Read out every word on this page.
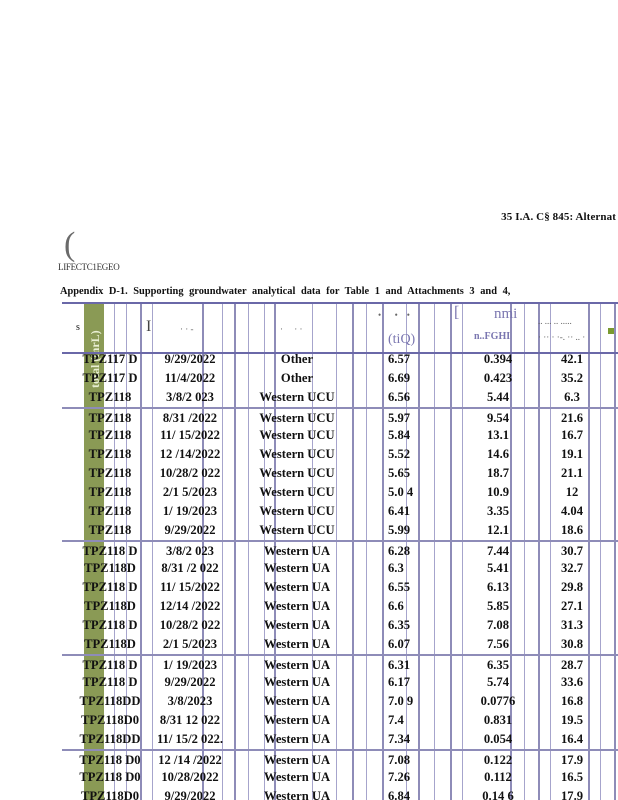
35 I.A. C§ 845: Alternat
(
LIFECTC1EGEO
Appendix D-1. Supporting groundwater analytical data for Table 1 and Attachments 3 and 4,
total (mrL)
s	I	· · -	·     · ·
•      •    •
.. ... .. .....
· ·· · ·-. ·· .. ·
(tiQ)
[ nmi
n..FGHI
TPZ117 D	9/29/2022	Other	6.57	0.394	42.1
TPZ117 D	11/4/2022	Other	6.69	0.423	35.2
TPZ118	3/8/2 023	Western UCU	6.56	5.44	6.3
TPZ118	8/31 /2022	Western UCU	5.97	9.54	21.6
TPZ118	11/ 15/2022	Western UCU	5.84	13.1	16.7
TPZ118	12 /14/2022	Western UCU	5.52	14.6	19.1
TPZ118	10/28/2 022	Western UCU	5.65	18.7	21.1
TPZ118	2/1 5/2023	Western UCU	5.0 4	10.9	12
TPZ118	1/ 19/2023	Western UCU	6.41	3.35	4.04
TPZ118	9/29/2022	Western UCU	5.99	12.1	18.6
TPZ118 D	3/8/2 023	Western UA	6.28	7.44	30.7
TPZ118D	8/31 /2 022	Western UA	6.3	5.41	32.7
TPZ118 D	11/ 15/2022	Western UA	6.55	6.13	29.8
TPZ118D	12/14 /2022	Western UA	6.6	5.85	27.1
TPZ118 D	10/28/2 022	Western UA	6.35	7.08	31.3
TPZ118D	2/1 5/2023	Western UA	6.07	7.56	30.8
TPZ118 D	1/ 19/2023	Western UA	6.31	6.35	28.7
TPZ118 D	9/29/2022	Western UA	6.17	5.74	33.6
TPZ118DD	3/8/2023	Western UA	7.0 9	0.0776	16.8
TPZ118D0	8/31 12 022	Western UA	7.4	0.831	19.5
TPZ118DD	11/ 15/2 022.	Western UA	7.34	0.054	16.4
TPZ118 D0	12 /14 /2022	Western UA	7.08	0.122	17.9
TPZ118 D0	10/28/2022	Western UA	7.26	0.112	16.5
TPZ118D0	9/29/2022	Western UA	6.84	0.14 6	17.9
